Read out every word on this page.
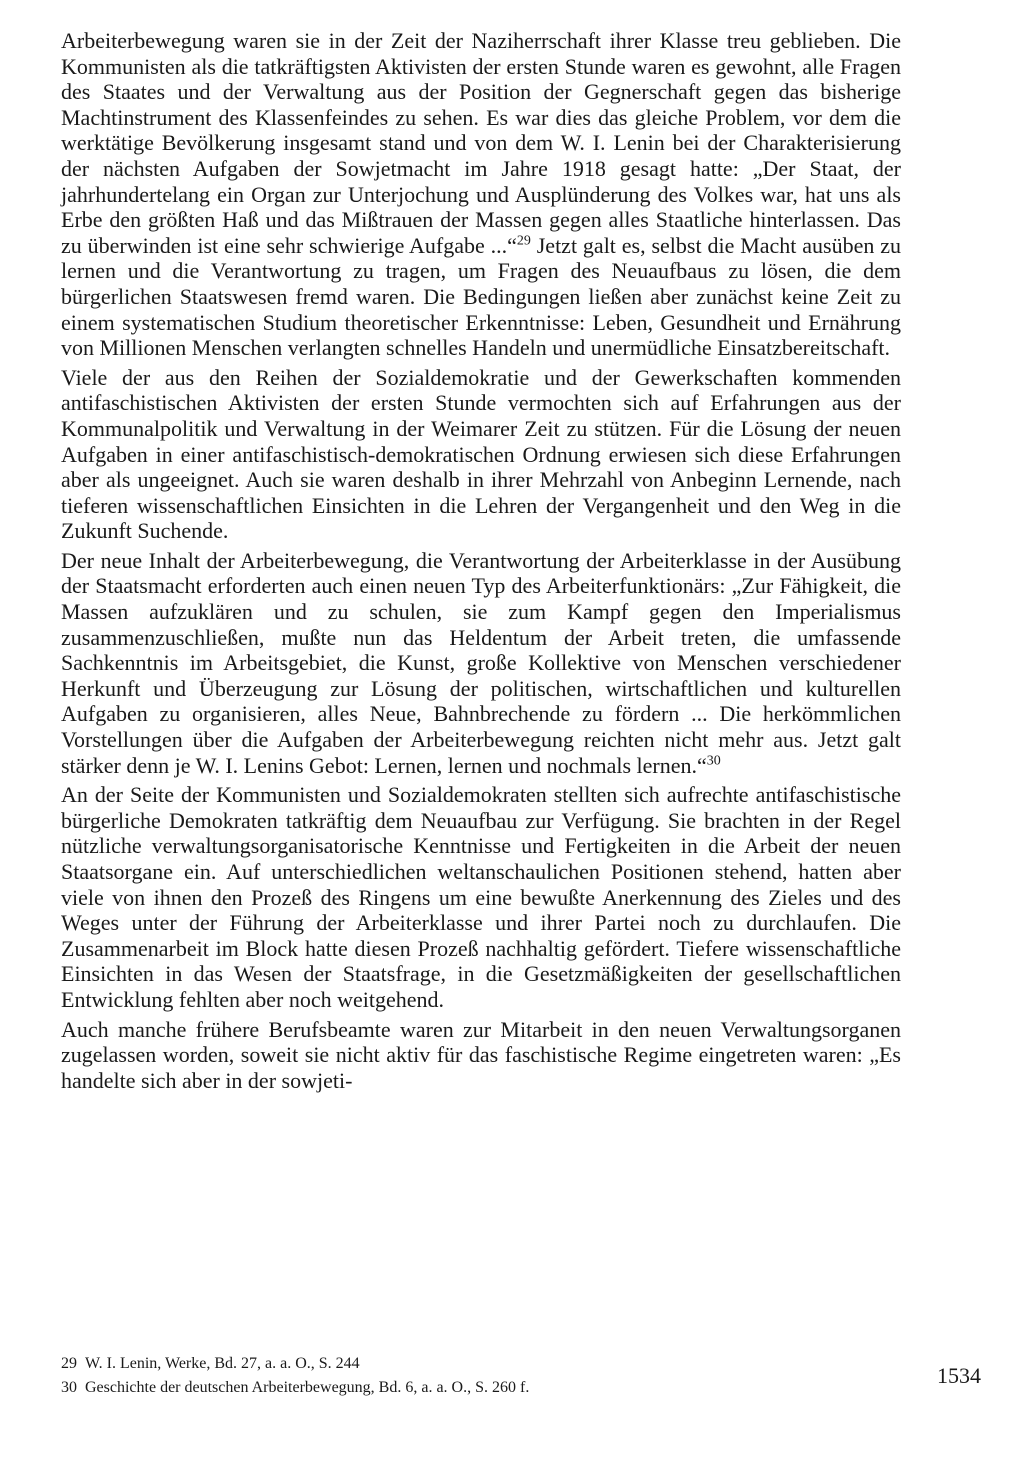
Arbeiterbewegung waren sie in der Zeit der Naziherrschaft ihrer Klasse treu geblieben. Die Kommunisten als die tatkräftigsten Aktivisten der ersten Stunde waren es gewohnt, alle Fragen des Staates und der Verwaltung aus der Position der Gegnerschaft gegen das bisherige Machtinstrument des Klassenfeindes zu sehen. Es war dies das gleiche Problem, vor dem die werktätige Bevölkerung insgesamt stand und von dem W. I. Lenin bei der Charakterisierung der nächsten Aufgaben der Sowjetmacht im Jahre 1918 gesagt hatte: „Der Staat, der jahrhundertelang ein Organ zur Unterjochung und Ausplünderung des Volkes war, hat uns als Erbe den größten Haß und das Mißtrauen der Massen gegen alles Staatliche hinterlassen. Das zu überwinden ist eine sehr schwierige Aufgabe ...“$^{29}$ Jetzt galt es, selbst die Macht ausüben zu lernen und die Verantwortung zu tragen, um Fragen des Neuaufbaus zu lösen, die dem bürgerlichen Staatswesen fremd waren. Die Bedingungen ließen aber zunächst keine Zeit zu einem systematischen Studium theoretischer Erkenntnisse: Leben, Gesundheit und Ernährung von Millionen Menschen verlangten schnelles Handeln und unermüdliche Einsatzbereitschaft.

Viele der aus den Reihen der Sozialdemokratie und der Gewerkschaften kommenden antifaschistischen Aktivisten der ersten Stunde vermochten sich auf Erfahrungen aus der Kommunalpolitik und Verwaltung in der Weimarer Zeit zu stützen. Für die Lösung der neuen Aufgaben in einer antifaschistisch-demokratischen Ordnung erwiesen sich diese Erfahrungen aber als ungeeignet. Auch sie waren deshalb in ihrer Mehrzahl von Anbeginn Lernende, nach tieferen wissenschaftlichen Einsichten in die Lehren der Vergangenheit und den Weg in die Zukunft Suchende.

Der neue Inhalt der Arbeiterbewegung, die Verantwortung der Arbeiterklasse in der Ausübung der Staatsmacht erforderten auch einen neuen Typ des Arbeiterfunktionärs: „Zur Fähigkeit, die Massen aufzuklären und zu schulen, sie zum Kampf gegen den Imperialismus zusammenzuschließen, mußte nun das Heldentum der Arbeit treten, die umfassende Sachkenntnis im Arbeitsgebiet, die Kunst, große Kollektive von Menschen verschiedener Herkunft und Überzeugung zur Lösung der politischen, wirtschaftlichen und kulturellen Aufgaben zu organisieren, alles Neue, Bahnbrechende zu fördern ... Die herkömmlichen Vorstellungen über die Aufgaben der Arbeiterbewegung reichten nicht mehr aus. Jetzt galt stärker denn je W. I. Lenins Gebot: Lernen, lernen und nochmals lernen.“$^{30}$

An der Seite der Kommunisten und Sozialdemokraten stellten sich aufrechte antifaschistische bürgerliche Demokraten tatkräftig dem Neuaufbau zur Verfügung. Sie brachten in der Regel nützliche verwaltungsorganisatorische Kenntnisse und Fertigkeiten in die Arbeit der neuen Staatsorgane ein. Auf unterschiedlichen weltanschaulichen Positionen stehend, hatten aber viele von ihnen den Prozeß des Ringens um eine bewußte Anerkennung des Zieles und des Weges unter der Führung der Arbeiterklasse und ihrer Partei noch zu durchlaufen. Die Zusammenarbeit im Block hatte diesen Prozeß nachhaltig gefördert. Tiefere wissenschaftliche Einsichten in das Wesen der Staatsfrage, in die Gesetzmäßigkeiten der gesellschaftlichen Entwicklung fehlten aber noch weitgehend.

Auch manche frühere Berufsbeamte waren zur Mitarbeit in den neuen Verwaltungsorganen zugelassen worden, soweit sie nicht aktiv für das faschistische Regime eingetreten waren: „Es handelte sich aber in der sowjeti-

29 W. I. Lenin, Werke, Bd. 27, a. a. O., S. 244

30 Geschichte der deutschen Arbeiterbewegung, Bd. 6, a. a. O., S. 260 f.	1534
